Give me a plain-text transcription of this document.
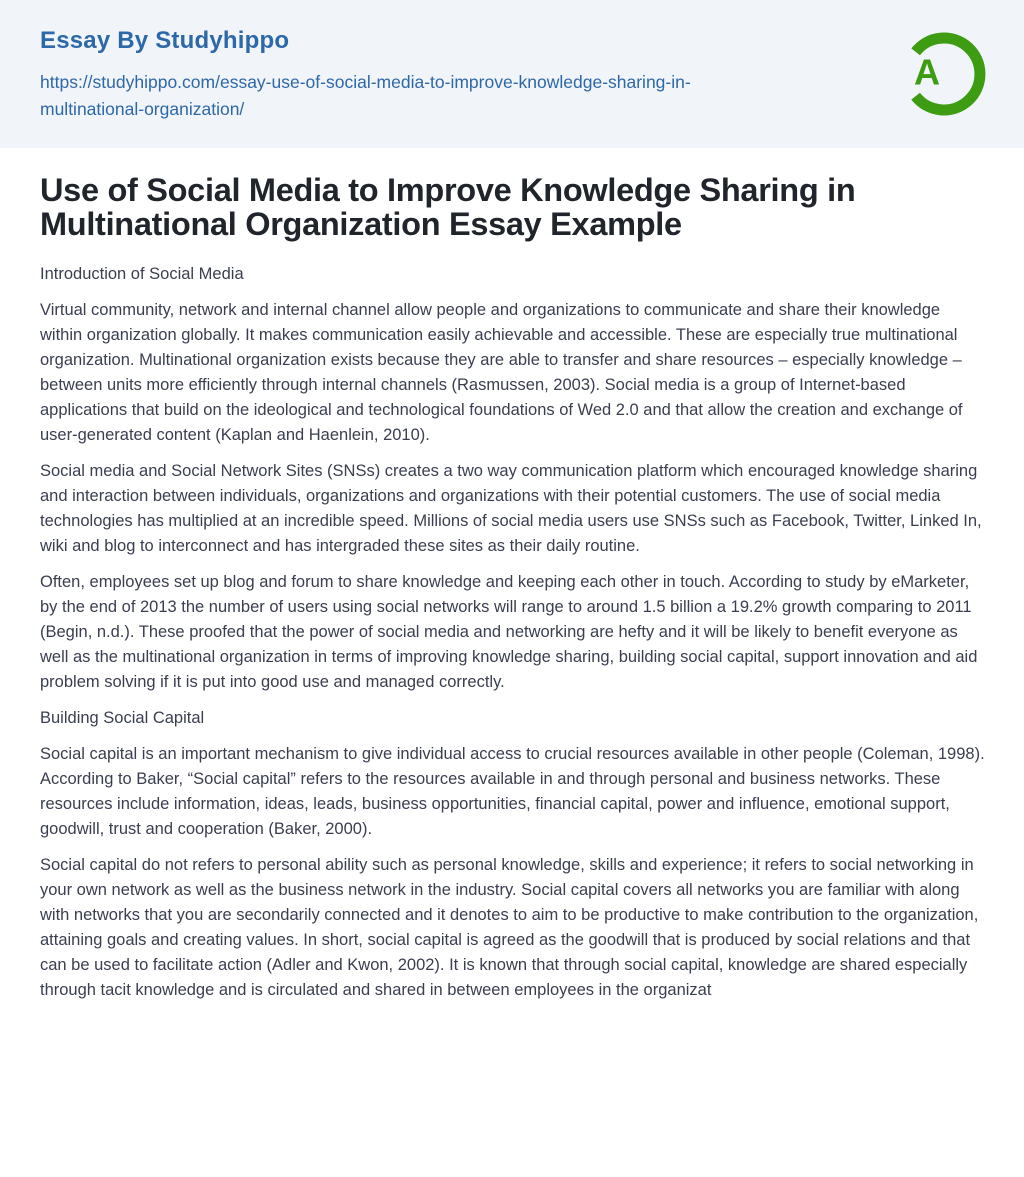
Essay By Studyhippo
https://studyhippo.com/essay-use-of-social-media-to-improve-knowledge-sharing-in-multinational-organization/
A
Use of Social Media to Improve Knowledge Sharing in Multinational Organization Essay Example

Introduction of Social Media

Virtual community, network and internal channel allow people and organizations to communicate and share their knowledge within organization globally. It makes communication easily achievable and accessible. These are especially true multinational organization. Multinational organization exists because they are able to transfer and share resources – especially knowledge – between units more efficiently through internal channels (Rasmussen, 2003). Social media is a group of Internet-based applications that build on the ideological and technological foundations of Wed 2.0 and that allow the creation and exchange of user-generated content (Kaplan and Haenlein, 2010).

Social media and Social Network Sites (SNSs) creates a two way communication platform which encouraged knowledge sharing and interaction between individuals, organizations and organizations with their potential customers. The use of social media technologies has multiplied at an incredible speed. Millions of social media users use SNSs such as Facebook, Twitter, Linked In, wiki and blog to interconnect and has intergraded these sites as their daily routine.

Often, employees set up blog and forum to share knowledge and keeping each other in touch. According to study by eMarketer, by the end of 2013 the number of users using social networks will range to around 1.5 billion a 19.2% growth comparing to 2011 (Begin, n.d.). These proofed that the power of social media and networking are hefty and it will be likely to benefit everyone as well as the multinational organization in terms of improving knowledge sharing, building social capital, support innovation and aid problem solving if it is put into good use and managed correctly.

Building Social Capital

Social capital is an important mechanism to give individual access to crucial resources available in other people (Coleman, 1998). According to Baker, “Social capital” refers to the resources available in and through personal and business networks. These resources include information, ideas, leads, business opportunities, financial capital, power and influence, emotional support, goodwill, trust and cooperation (Baker, 2000).

Social capital do not refers to personal ability such as personal knowledge, skills and experience; it refers to social networking in your own network as well as the business network in the industry. Social capital covers all networks you are familiar with along with networks that you are secondarily connected and it denotes to aim to be productive to make contribution to the organization, attaining goals and creating values. In short, social capital is agreed as the goodwill that is produced by social relations and that can be used to facilitate action (Adler and Kwon, 2002). It is known that through social capital, knowledge are shared especially through tacit knowledge and is circulated and shared in between employees in the organizat
